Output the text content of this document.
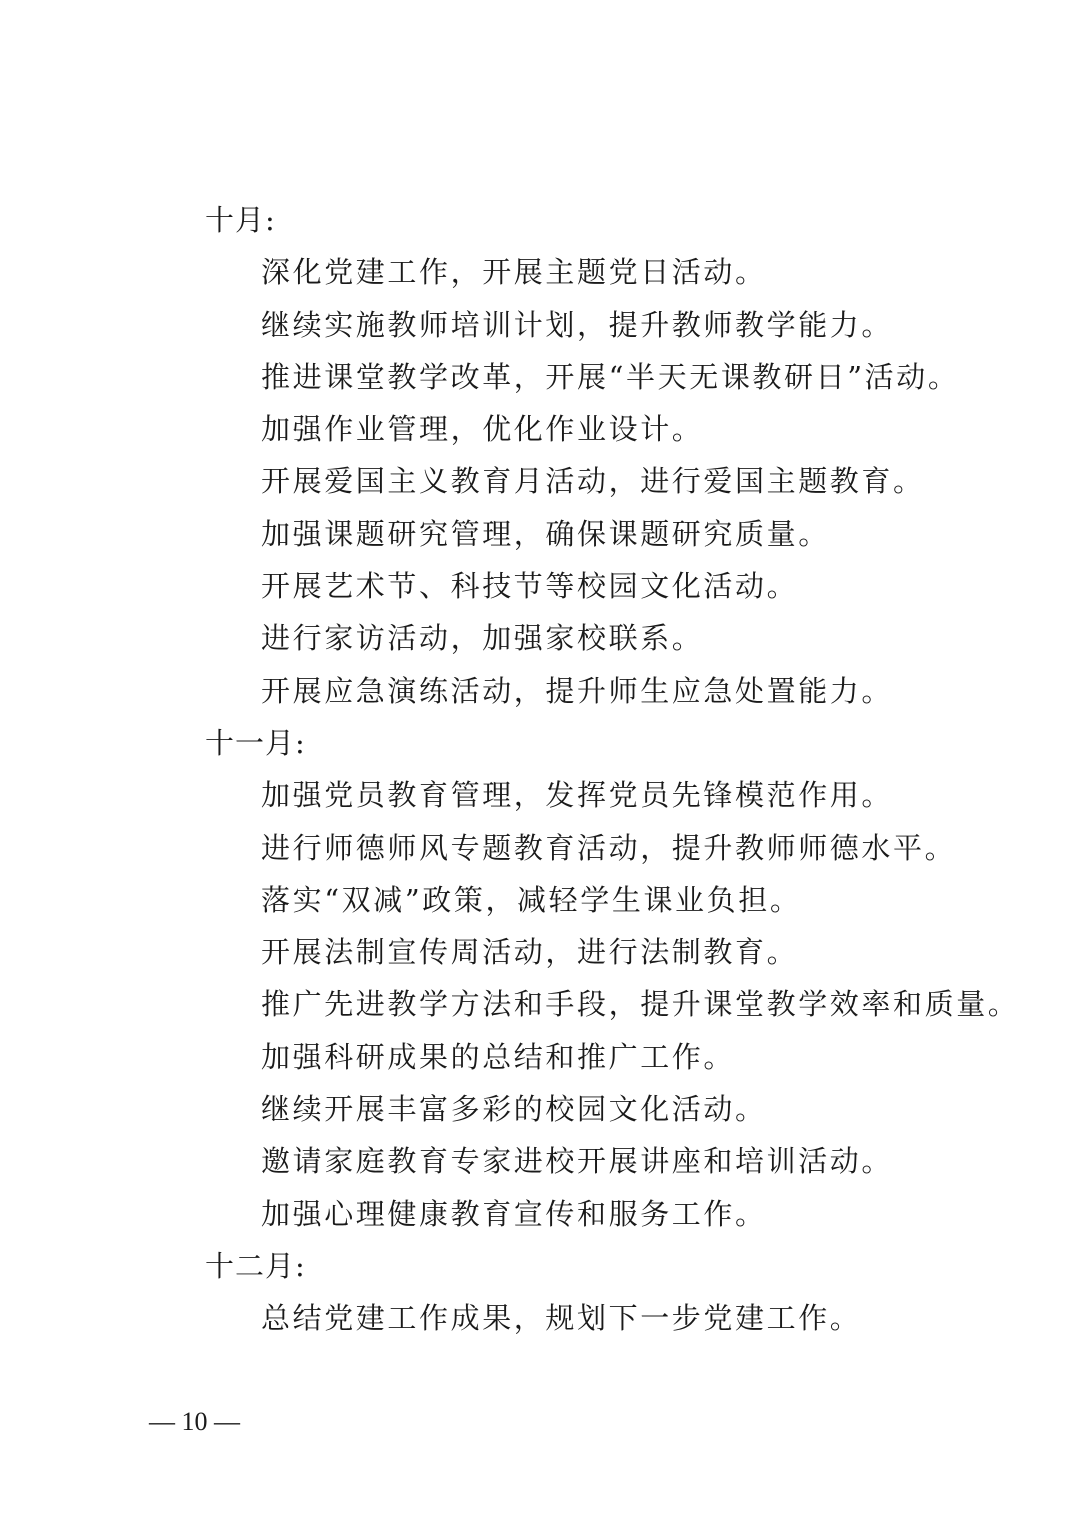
十月:
深化党建工作，开展主题党日活动。
继续实施教师培训计划，提升教师教学能力。
推进课堂教学改革，开展“半天无课教研日”活动。
加强作业管理，优化作业设计。
开展爱国主义教育月活动，进行爱国主题教育。
加强课题研究管理，确保课题研究质量。
开展艺术节、科技节等校园文化活动。
进行家访活动，加强家校联系。
开展应急演练活动，提升师生应急处置能力。
十一月:
加强党员教育管理，发挥党员先锋模范作用。
进行师德师风专题教育活动，提升教师师德水平。
落实“双减”政策，减轻学生课业负担。
开展法制宣传周活动，进行法制教育。
推广先进教学方法和手段，提升课堂教学效率和质量。
加强科研成果的总结和推广工作。
继续开展丰富多彩的校园文化活动。
邀请家庭教育专家进校开展讲座和培训活动。
加强心理健康教育宣传和服务工作。
十二月:
总结党建工作成果，规划下一步党建工作。
— 10 —
